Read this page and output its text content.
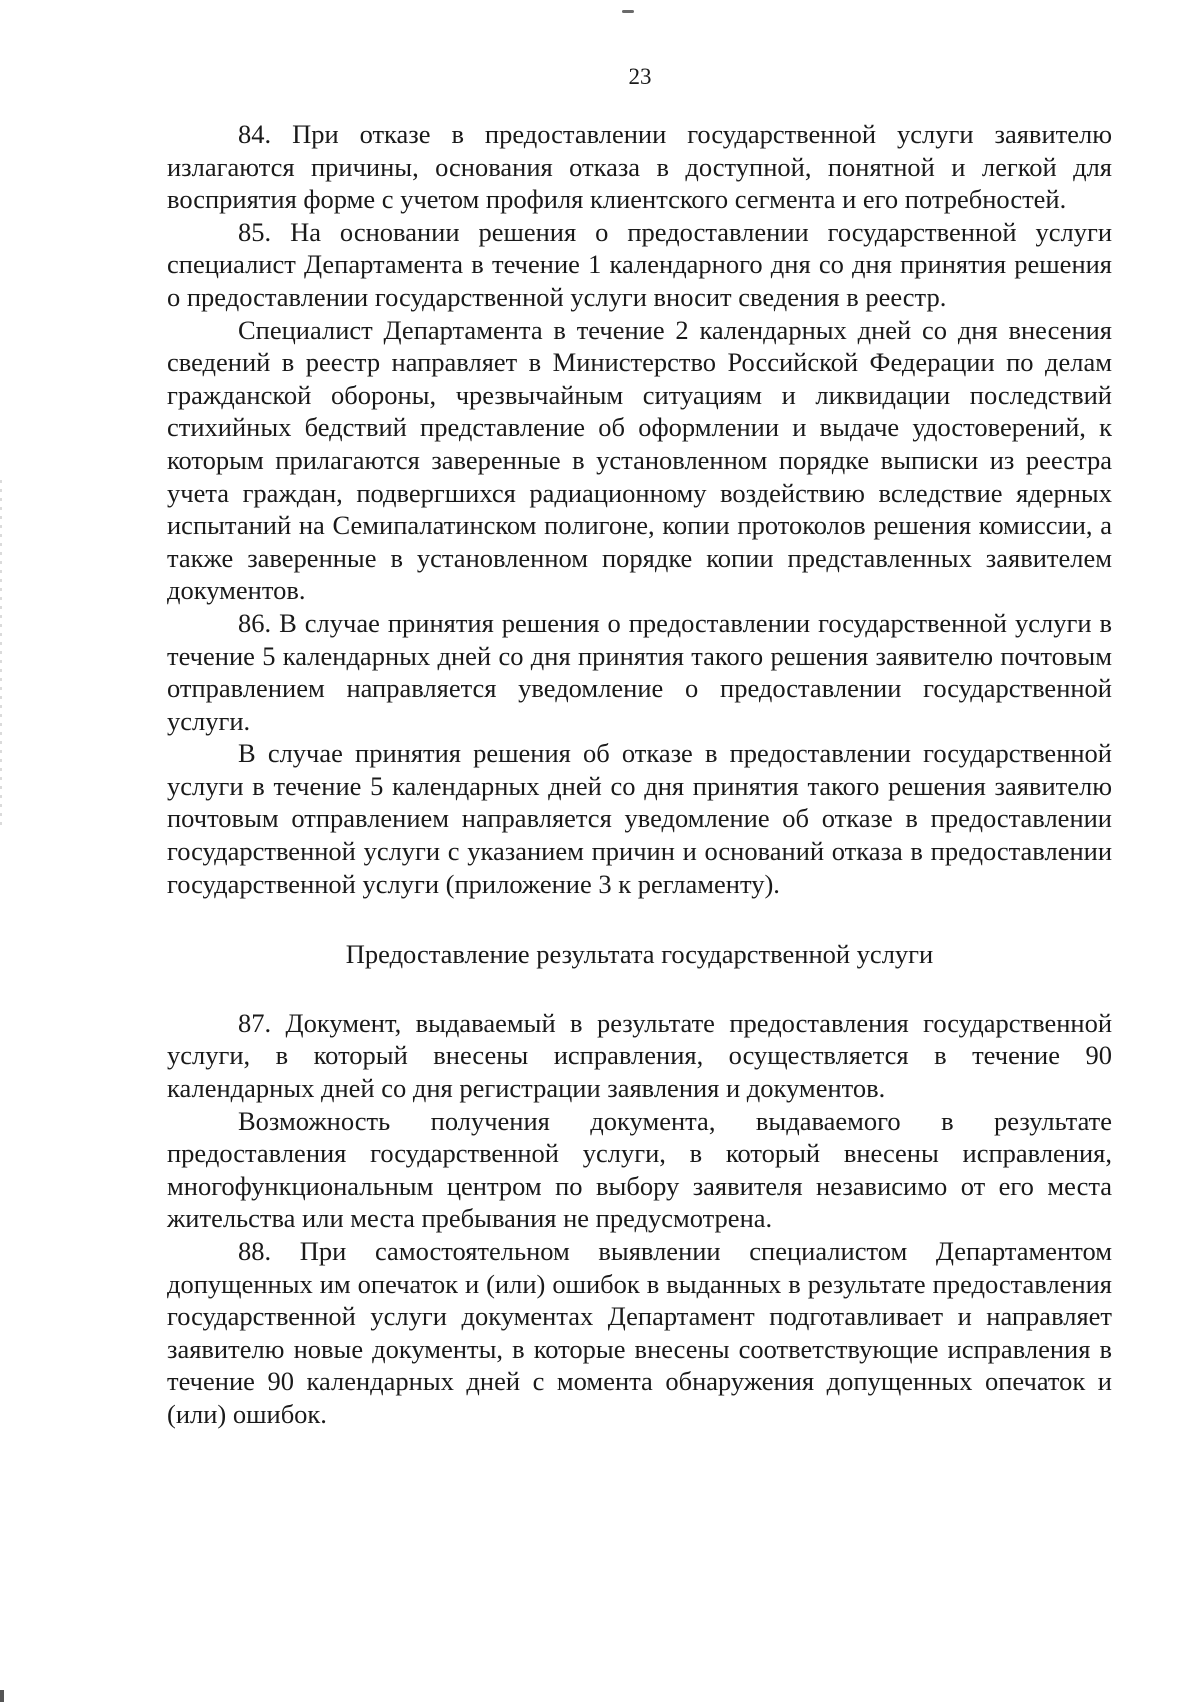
23

84. При отказе в предоставлении государственной услуги заявителю излагаются причины, основания отказа в доступной, понятной и легкой для восприятия форме с учетом профиля клиентского сегмента и его потребностей.

85. На основании решения о предоставлении государственной услуги специалист Департамента в течение 1 календарного дня со дня принятия решения о предоставлении государственной услуги вносит сведения в реестр.

Специалист Департамента в течение 2 календарных дней со дня внесения сведений в реестр направляет в Министерство Российской Федерации по делам гражданской обороны, чрезвычайным ситуациям и ликвидации последствий стихийных бедствий представление об оформлении и выдаче удостоверений, к которым прилагаются заверенные в установленном порядке выписки из реестра учета граждан, подвергшихся радиационному воздействию вследствие ядерных испытаний на Семипалатинском полигоне, копии протоколов решения комиссии, а также заверенные в установленном порядке копии представленных заявителем документов.

86. В случае принятия решения о предоставлении государственной услуги в течение 5 календарных дней со дня принятия такого решения заявителю почтовым отправлением направляется уведомление о предоставлении государственной услуги.

В случае принятия решения об отказе в предоставлении государственной услуги в течение 5 календарных дней со дня принятия такого решения заявителю почтовым отправлением направляется уведомление об отказе в предоставлении государственной услуги с указанием причин и оснований отказа в предоставлении государственной услуги (приложение 3 к регламенту).

Предоставление результата государственной услуги

87. Документ, выдаваемый в результате предоставления государственной услуги, в который внесены исправления, осуществляется в течение 90 календарных дней со дня регистрации заявления и документов.

Возможность получения документа, выдаваемого в результате предоставления государственной услуги, в который внесены исправления, многофункциональным центром по выбору заявителя независимо от его места жительства или места пребывания не предусмотрена.

88. При самостоятельном выявлении специалистом Департаментом допущенных им опечаток и (или) ошибок в выданных в результате предоставления государственной услуги документах Департамент подготавливает и направляет заявителю новые документы, в которые внесены соответствующие исправления в течение 90 календарных дней с момента обнаружения допущенных опечаток и (или) ошибок.
